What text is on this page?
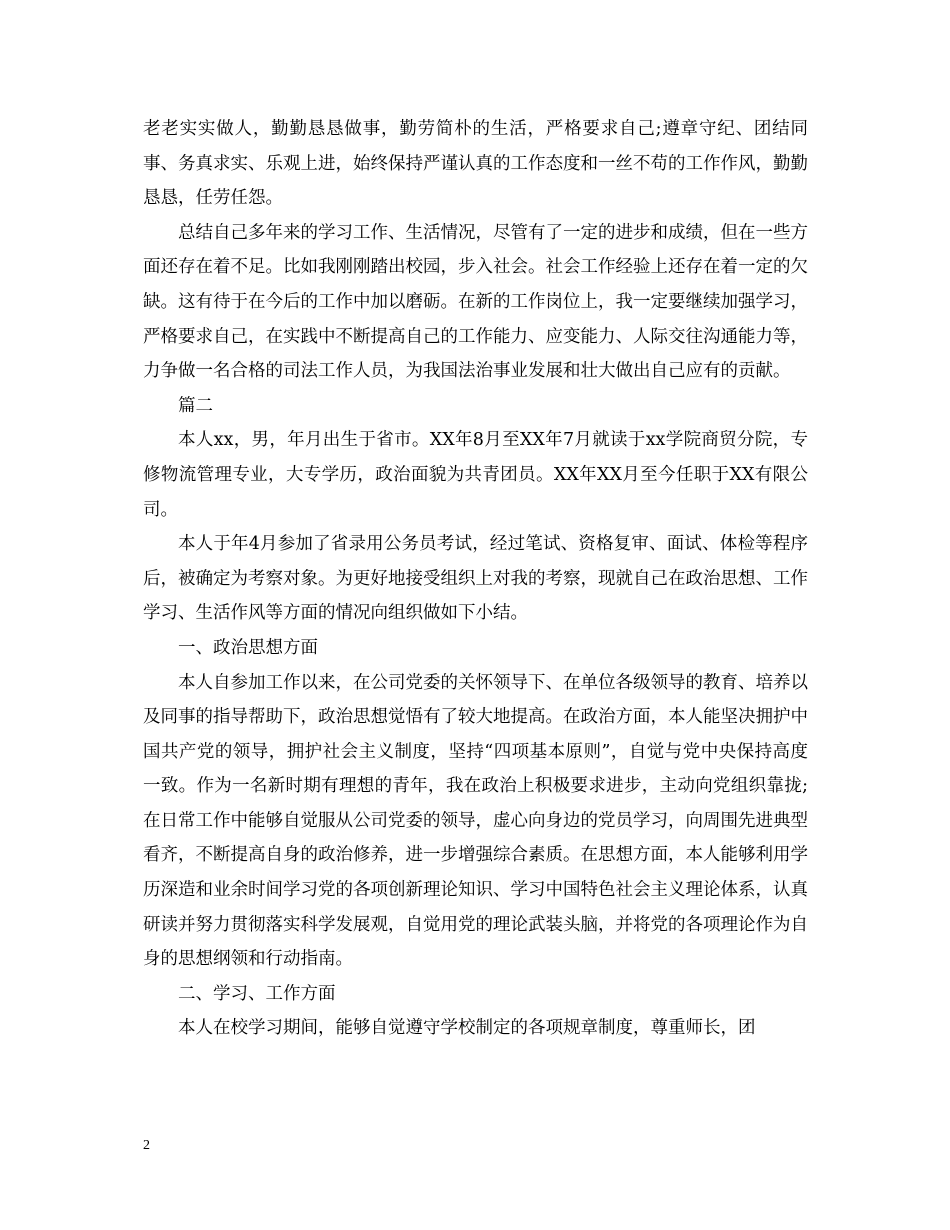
老老实实做人，勤勤恳恳做事，勤劳简朴的生活，严格要求自己;遵章守纪、团结同事、务真求实、乐观上进，始终保持严谨认真的工作态度和一丝不苟的工作作风，勤勤恳恳，任劳任怨。

总结自己多年来的学习工作、生活情况，尽管有了一定的进步和成绩，但在一些方面还存在着不足。比如我刚刚踏出校园，步入社会。社会工作经验上还存在着一定的欠缺。这有待于在今后的工作中加以磨砺。在新的工作岗位上，我一定要继续加强学习，严格要求自己，在实践中不断提高自己的工作能力、应变能力、人际交往沟通能力等，力争做一名合格的司法工作人员，为我国法治事业发展和壮大做出自己应有的贡献。

篇二

本人xx，男，年月出生于省市。XX年8月至XX年7月就读于xx学院商贸分院，专修物流管理专业，大专学历，政治面貌为共青团员。XX年XX月至今任职于XX有限公司。

本人于年4月参加了省录用公务员考试，经过笔试、资格复审、面试、体检等程序后，被确定为考察对象。为更好地接受组织上对我的考察，现就自己在政治思想、工作学习、生活作风等方面的情况向组织做如下小结。

一、政治思想方面

本人自参加工作以来，在公司党委的关怀领导下、在单位各级领导的教育、培养以及同事的指导帮助下，政治思想觉悟有了较大地提高。在政治方面，本人能坚决拥护中国共产党的领导，拥护社会主义制度，坚持“四项基本原则”，自觉与党中央保持高度一致。作为一名新时期有理想的青年，我在政治上积极要求进步，主动向党组织靠拢;在日常工作中能够自觉服从公司党委的领导，虚心向身边的党员学习，向周围先进典型看齐，不断提高自身的政治修养，进一步增强综合素质。在思想方面，本人能够利用学历深造和业余时间学习党的各项创新理论知识、学习中国特色社会主义理论体系，认真研读并努力贯彻落实科学发展观，自觉用党的理论武装头脑，并将党的各项理论作为自身的思想纲领和行动指南。

二、学习、工作方面

本人在校学习期间，能够自觉遵守学校制定的各项规章制度，尊重师长，团

2
